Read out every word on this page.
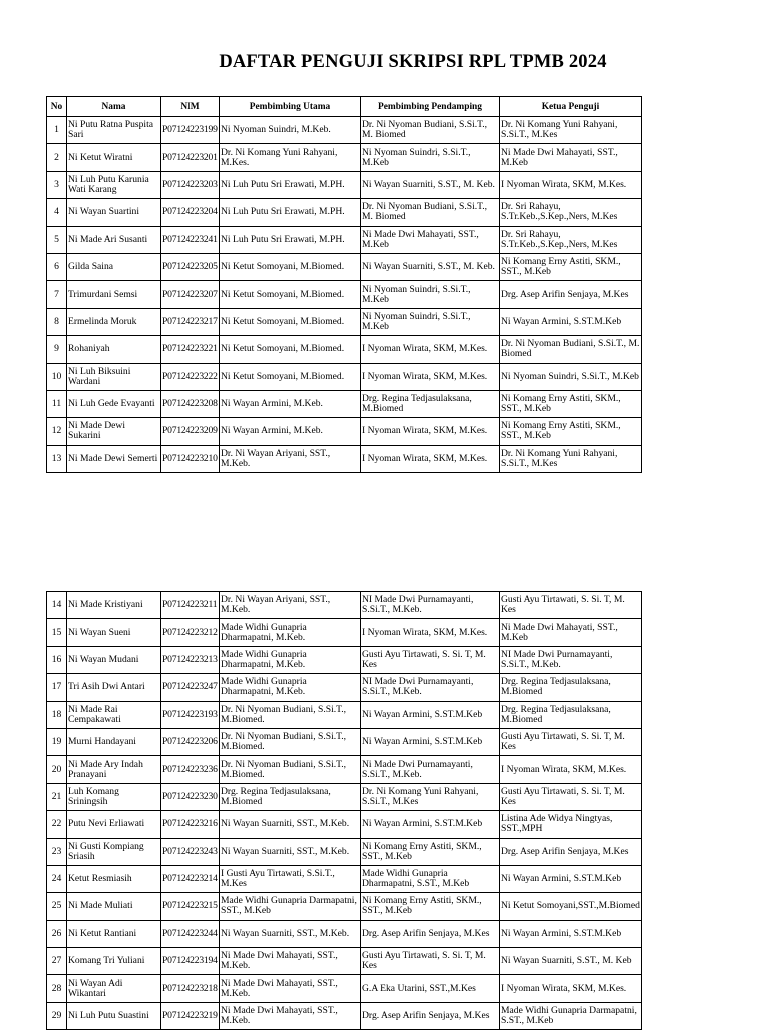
DAFTAR PENGUJI SKRIPSI RPL TPMB 2024
No	Nama	NIM	Pembimbing Utama	Pembimbing Pendamping	Ketua Penguji
1	Ni Putu Ratna Puspita Sari	P07124223199	Ni Nyoman Suindri, M.Keb.	Dr. Ni Nyoman Budiani, S.Si.T., M. Biomed	Dr. Ni Komang Yuni Rahyani, S.Si.T., M.Kes
2	Ni Ketut Wiratni	P07124223201	Dr. Ni Komang Yuni Rahyani, M.Kes.	Ni Nyoman Suindri, S.Si.T., M.Keb	Ni Made Dwi Mahayati, SST., M.Keb
3	Ni Luh Putu Karunia Wati Karang	P07124223203	Ni Luh Putu Sri Erawati, M.PH.	Ni Wayan Suarniti, S.ST., M. Keb.	I Nyoman Wirata, SKM, M.Kes.
4	Ni Wayan Suartini	P07124223204	Ni Luh Putu Sri Erawati, M.PH.	Dr. Ni Nyoman Budiani, S.Si.T., M. Biomed	Dr. Sri Rahayu, S.Tr.Keb.,S.Kep.,Ners, M.Kes
5	Ni Made Ari Susanti	P07124223241	Ni Luh Putu Sri Erawati, M.PH.	Ni Made Dwi Mahayati, SST., M.Keb	Dr. Sri Rahayu, S.Tr.Keb.,S.Kep.,Ners, M.Kes
6	Gilda Saina	P07124223205	Ni Ketut Somoyani, M.Biomed.	Ni Wayan Suarniti, S.ST., M. Keb.	Ni Komang Erny Astiti, SKM., SST., M.Keb
7	Trimurdani Semsi	P07124223207	Ni Ketut Somoyani, M.Biomed.	Ni Nyoman Suindri, S.Si.T., M.Keb	Drg. Asep Arifin Senjaya, M.Kes
8	Ermelinda Moruk	P07124223217	Ni Ketut Somoyani, M.Biomed.	Ni Nyoman Suindri, S.Si.T., M.Keb	Ni Wayan Armini, S.ST.M.Keb
9	Rohaniyah	P07124223221	Ni Ketut Somoyani, M.Biomed.	I Nyoman Wirata, SKM, M.Kes.	Dr. Ni Nyoman Budiani, S.Si.T., M. Biomed
10	Ni Luh Biksuini Wardani	P07124223222	Ni Ketut Somoyani, M.Biomed.	I Nyoman Wirata, SKM, M.Kes.	Ni Nyoman Suindri, S.Si.T., M.Keb
11	Ni Luh Gede Evayanti	P07124223208	Ni Wayan Armini, M.Keb.	Drg. Regina Tedjasulaksana, M.Biomed	Ni Komang Erny Astiti, SKM., SST., M.Keb
12	Ni Made Dewi Sukarini	P07124223209	Ni Wayan Armini, M.Keb.	I Nyoman Wirata, SKM, M.Kes.	Ni Komang Erny Astiti, SKM., SST., M.Keb
13	Ni Made Dewi Semerti	P07124223210	Dr. Ni Wayan Ariyani, SST., M.Keb.	I Nyoman Wirata, SKM, M.Kes.	Dr. Ni Komang Yuni Rahyani, S.Si.T., M.Kes
14	Ni Made Kristiyani	P07124223211	Dr. Ni Wayan Ariyani, SST., M.Keb.	NI Made Dwi Purnamayanti, S.Si.T., M.Keb.	Gusti Ayu Tirtawati, S. Si. T, M. Kes
15	Ni Wayan Sueni	P07124223212	Made Widhi Gunapria Dharmapatni, M.Keb.	I Nyoman Wirata, SKM, M.Kes.	Ni Made Dwi Mahayati, SST., M.Keb
16	Ni Wayan Mudani	P07124223213	Made Widhi Gunapria Dharmapatni, M.Keb.	Gusti Ayu Tirtawati, S. Si. T, M. Kes	NI Made Dwi Purnamayanti, S.Si.T., M.Keb.
17	Tri Asih Dwi Antari	P07124223247	Made Widhi Gunapria Dharmapatni, M.Keb.	NI Made Dwi Purnamayanti, S.Si.T., M.Keb.	Drg. Regina Tedjasulaksana, M.Biomed
18	Ni Made Rai Cempakawati	P07124223193	Dr. Ni Nyoman Budiani, S.Si.T., M.Biomed.	Ni Wayan Armini, S.ST.M.Keb	Drg. Regina Tedjasulaksana, M.Biomed
19	Murni Handayani	P07124223206	Dr. Ni Nyoman Budiani, S.Si.T., M.Biomed.	Ni Wayan Armini, S.ST.M.Keb	Gusti Ayu Tirtawati, S. Si. T, M. Kes
20	Ni Made Ary Indah Pranayani	P07124223236	Dr. Ni Nyoman Budiani, S.Si.T., M.Biomed.	Ni Made Dwi Purnamayanti, S.Si.T., M.Keb.	I Nyoman Wirata, SKM, M.Kes.
21	Luh Komang Sriningsih	P07124223230	Drg. Regina Tedjasulaksana, M.Biomed	Dr. Ni Komang Yuni Rahyani, S.Si.T., M.Kes	Gusti Ayu Tirtawati, S. Si. T, M. Kes
22	Putu Nevi Erliawati	P07124223216	Ni Wayan Suarniti, SST., M.Keb.	Ni Wayan Armini, S.ST.M.Keb	Listina Ade Widya Ningtyas, SST.,MPH
23	Ni Gusti Kompiang Sriasih	P07124223243	Ni Wayan Suarniti, SST., M.Keb.	Ni Komang Erny Astiti, SKM., SST., M.Keb	Drg. Asep Arifin Senjaya, M.Kes
24	Ketut Resmiasih	P07124223214	I Gusti Ayu Tirtawati, S.Si.T., M.Kes	Made Widhi Gunapria Dharmapatni, S.ST., M.Keb	Ni Wayan Armini, S.ST.M.Keb
25	Ni Made Muliati	P07124223215	Made Widhi Gunapria Darmapatni, SST., M.Keb	Ni Komang Erny Astiti, SKM., SST., M.Keb	Ni Ketut Somoyani,SST.,M.Biomed
26	Ni Ketut Rantiani	P07124223244	Ni Wayan Suarniti, SST., M.Keb.	Drg. Asep Arifin Senjaya, M.Kes	Ni Wayan Armini, S.ST.M.Keb
27	Komang Tri Yuliani	P07124223194	Ni Made Dwi Mahayati, SST., M.Keb.	Gusti Ayu Tirtawati, S. Si. T, M. Kes	Ni Wayan Suarniti, S.ST., M. Keb
28	Ni Wayan Adi Wikantari	P07124223218	Ni Made Dwi Mahayati, SST., M.Keb.	G.A Eka Utarini, SST.,M.Kes	I Nyoman Wirata, SKM, M.Kes.
29	Ni Luh Putu Suastini	P07124223219	Ni Made Dwi Mahayati, SST., M.Keb.	Drg. Asep Arifin Senjaya, M.Kes	Made Widhi Gunapria Darmapatni, S.ST., M.Keb
